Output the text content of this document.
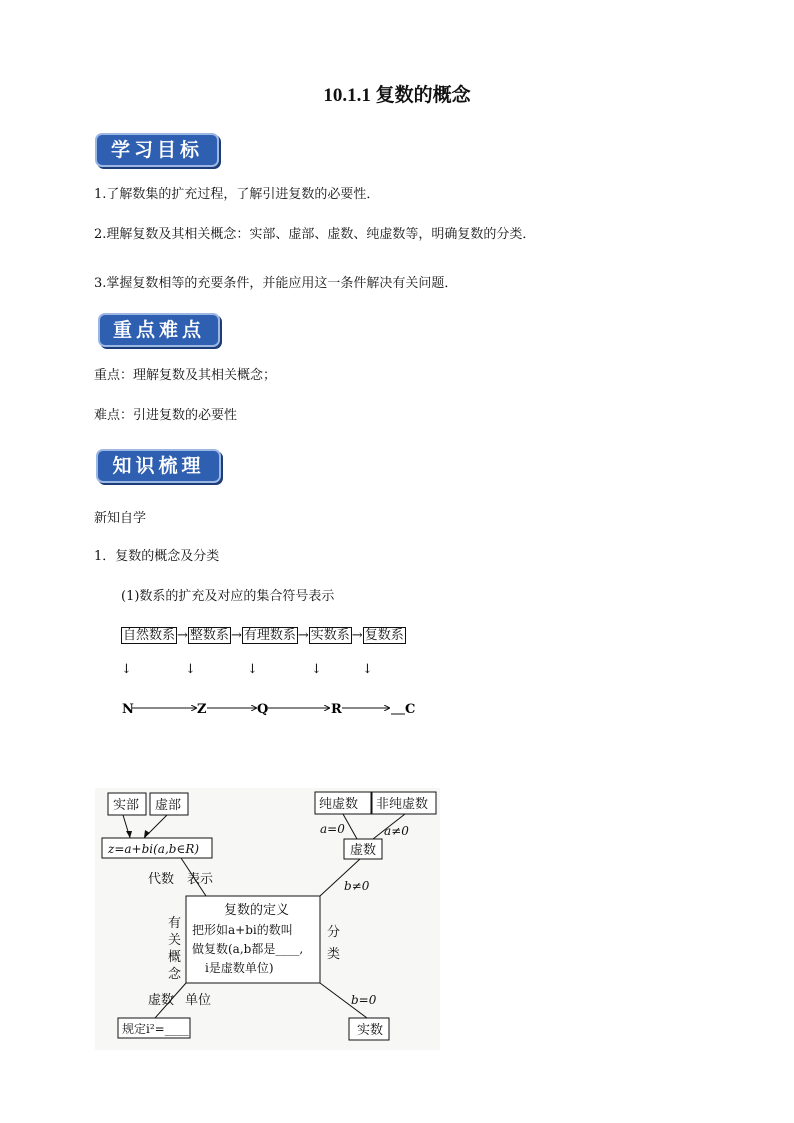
10.1.1 复数的概念
学习目标
1.了解数集的扩充过程，了解引进复数的必要性．
2.理解复数及其相关概念：实部、虚部、虚数、纯虚数等，明确复数的分类．
3.掌握复数相等的充要条件，并能应用这一条件解决有关问题．
重点难点
重点：理解复数及其相关概念；
难点：引进复数的必要性
知识梳理
新知自学
1．复数的概念及分类
(1)数系的扩充及对应的集合符号表示
自然数系 → 整数系 → 有理数系 → 实数系 → 复数系
↓	↓	↓	↓	↓
N	Z	Q	R	C
实部 虚部
z=a+bi(a,b∈R)
代数 表示
纯虚数 非纯虚数
a=0	a≠0
虚数
b≠0
复数的定义
把形如a+bi的数叫
做复数(a,b都是____,
i是虚数单位)
虚数 单位	b=0
实数
规定i²=____
有
关
概
念
分
类
